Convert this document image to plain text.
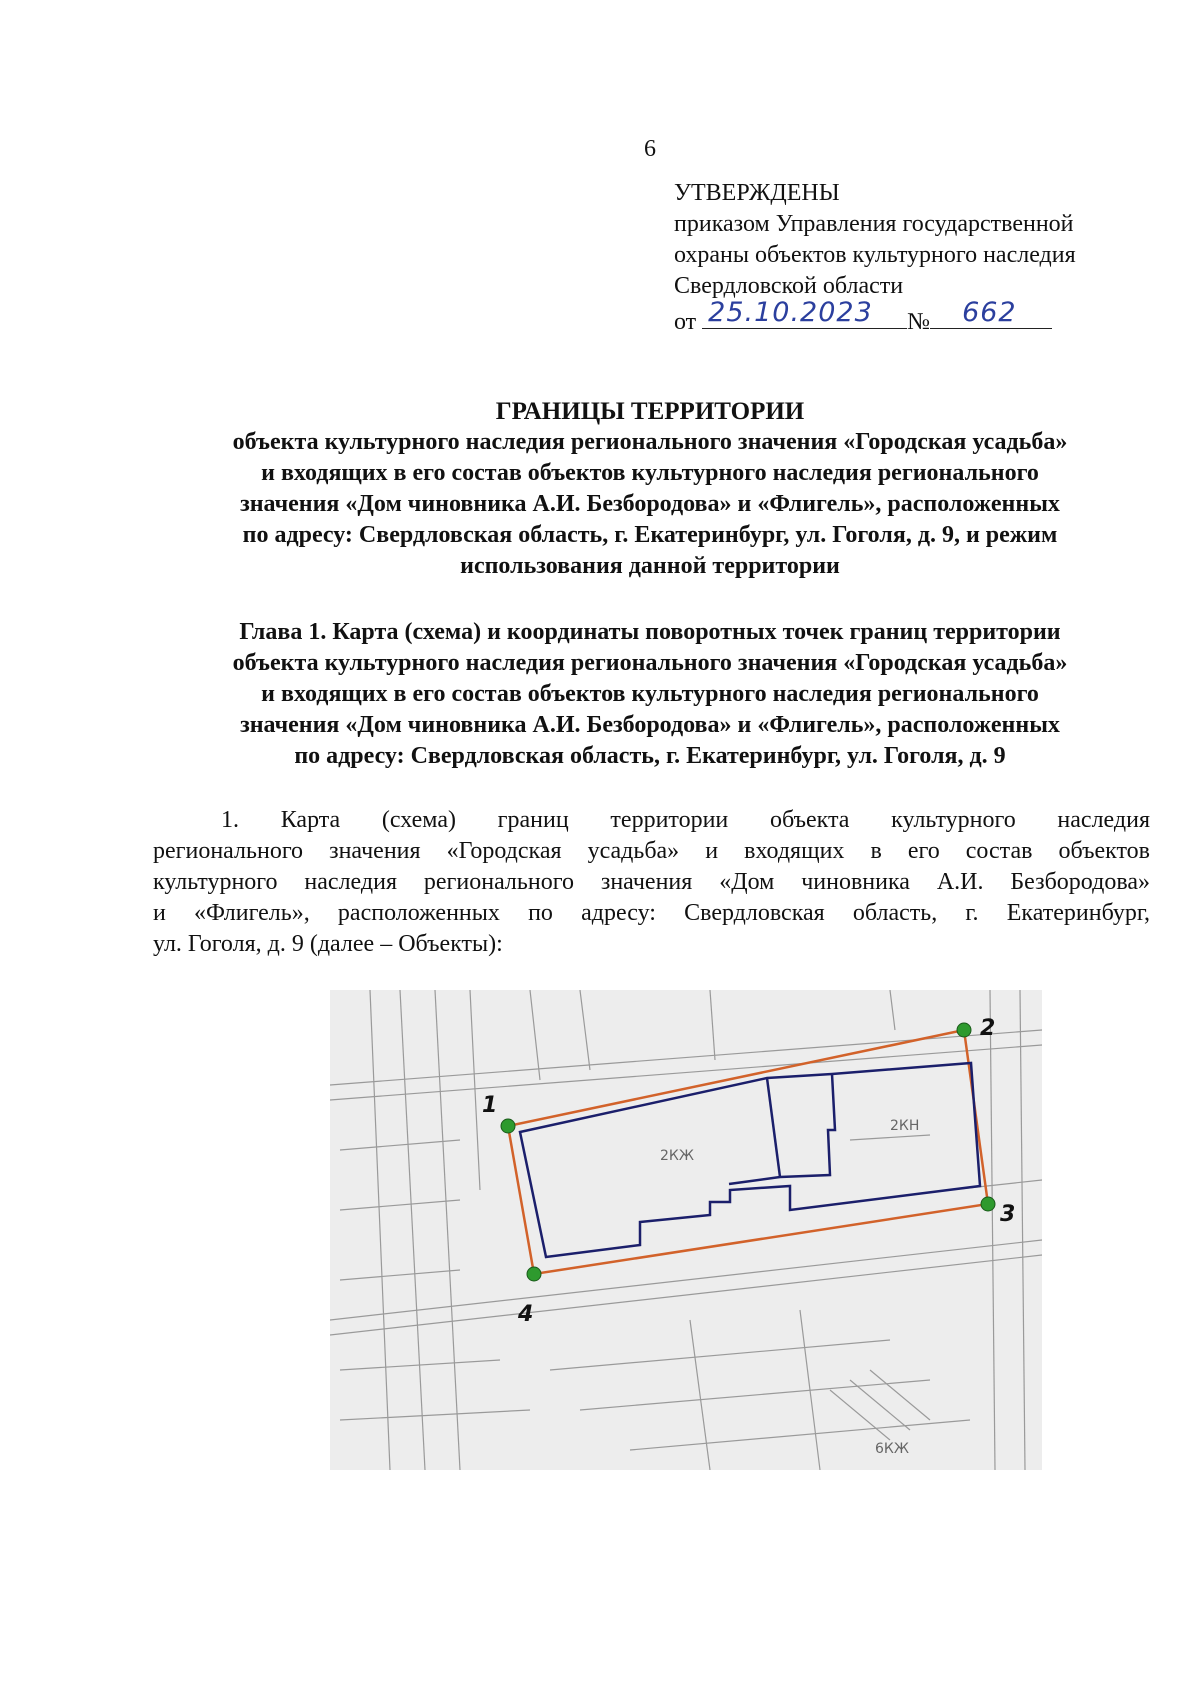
6
УТВЕРЖДЕНЫ
приказом Управления государственной
охраны объектов культурного наследия
Свердловской области
от 25.10.2023 № 662
ГРАНИЦЫ ТЕРРИТОРИИ
объекта культурного наследия регионального значения «Городская усадьба»
и входящих в его состав объектов культурного наследия регионального
значения «Дом чиновника А.И. Безбородова» и «Флигель», расположенных
по адресу: Свердловская область, г. Екатеринбург, ул. Гоголя, д. 9, и режим
использования данной территории
Глава 1. Карта (схема) и координаты поворотных точек границ территории
объекта культурного наследия регионального значения «Городская усадьба»
и входящих в его состав объектов культурного наследия регионального
значения «Дом чиновника А.И. Безбородова» и «Флигель», расположенных
по адресу: Свердловская область, г. Екатеринбург, ул. Гоголя, д. 9
1. Карта (схема) границ территории объекта культурного наследия
регионального значения «Городская усадьба» и входящих в его состав объектов
культурного наследия регионального значения «Дом чиновника А.И. Безбородова»
и «Флигель», расположенных по адресу: Свердловская область, г. Екатеринбург,
ул. Гоголя, д. 9 (далее – Объекты):
2КЖ
2КН
6КЖ
1
2
3
4
